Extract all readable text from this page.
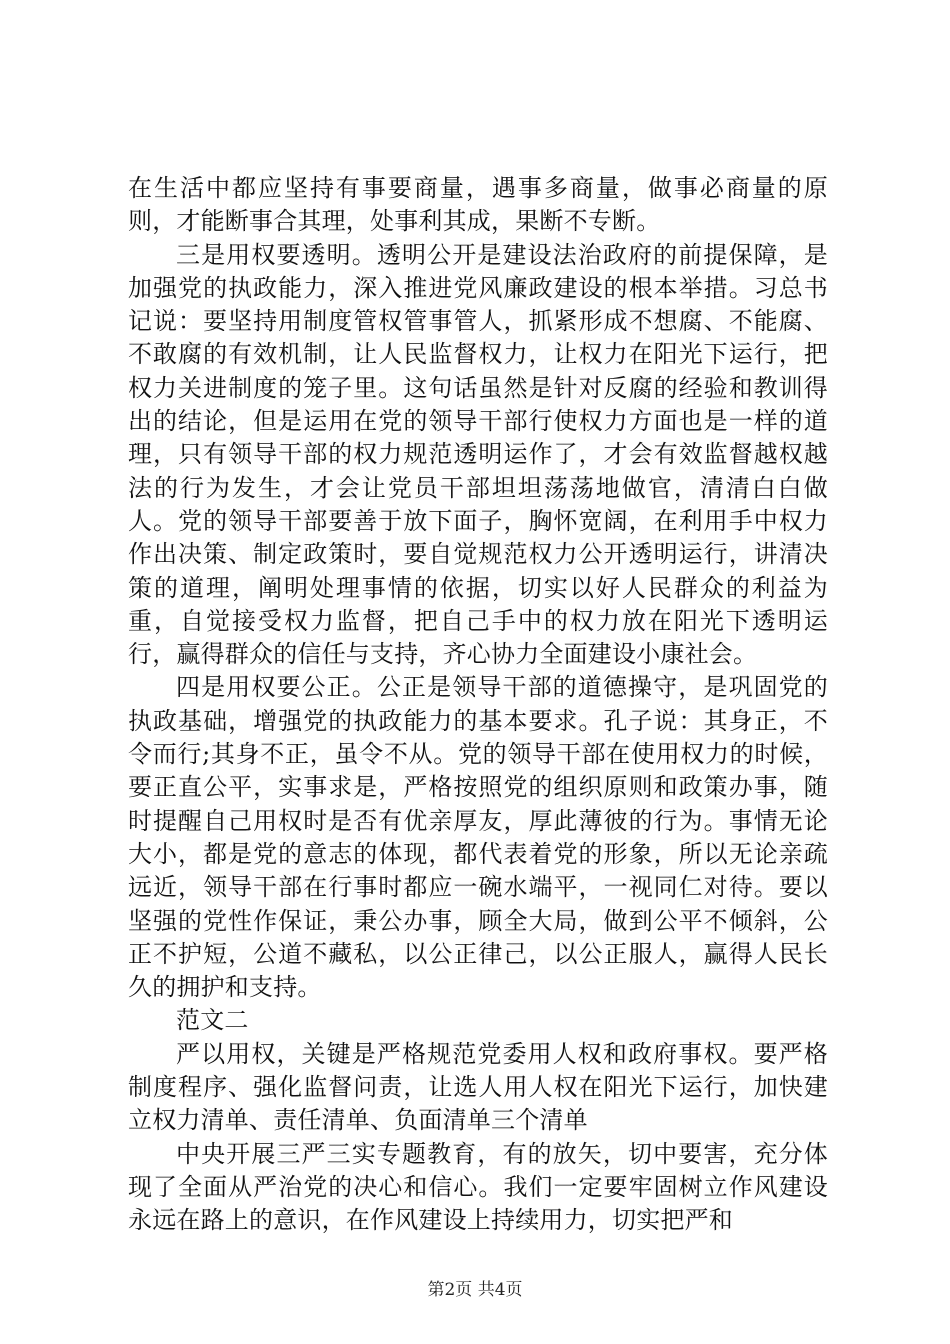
在生活中都应坚持有事要商量，遇事多商量，做事必商量的原则，才能断事合其理，处事利其成，果断不专断。

三是用权要透明。透明公开是建设法治政府的前提保障，是加强党的执政能力，深入推进党风廉政建设的根本举措。习总书记说：要坚持用制度管权管事管人，抓紧形成不想腐、不能腐、不敢腐的有效机制，让人民监督权力，让权力在阳光下运行，把权力关进制度的笼子里。这句话虽然是针对反腐的经验和教训得出的结论，但是运用在党的领导干部行使权力方面也是一样的道理，只有领导干部的权力规范透明运作了，才会有效监督越权越法的行为发生，才会让党员干部坦坦荡荡地做官，清清白白做人。党的领导干部要善于放下面子，胸怀宽阔，在利用手中权力作出决策、制定政策时，要自觉规范权力公开透明运行，讲清决策的道理，阐明处理事情的依据，切实以好人民群众的利益为重，自觉接受权力监督，把自己手中的权力放在阳光下透明运行，赢得群众的信任与支持，齐心协力全面建设小康社会。

四是用权要公正。公正是领导干部的道德操守，是巩固党的执政基础，增强党的执政能力的基本要求。孔子说：其身正，不令而行;其身不正，虽令不从。党的领导干部在使用权力的时候，要正直公平，实事求是，严格按照党的组织原则和政策办事，随时提醒自己用权时是否有优亲厚友，厚此薄彼的行为。事情无论大小，都是党的意志的体现，都代表着党的形象，所以无论亲疏远近，领导干部在行事时都应一碗水端平，一视同仁对待。要以坚强的党性作保证，秉公办事，顾全大局，做到公平不倾斜，公正不护短，公道不藏私，以公正律己，以公正服人，赢得人民长久的拥护和支持。

范文二

严以用权，关键是严格规范党委用人权和政府事权。要严格制度程序、强化监督问责，让选人用人权在阳光下运行，加快建立权力清单、责任清单、负面清单三个清单

中央开展三严三实专题教育，有的放矢，切中要害，充分体现了全面从严治党的决心和信心。我们一定要牢固树立作风建设永远在路上的意识，在作风建设上持续用力，切实把严和

第2页 共4页
